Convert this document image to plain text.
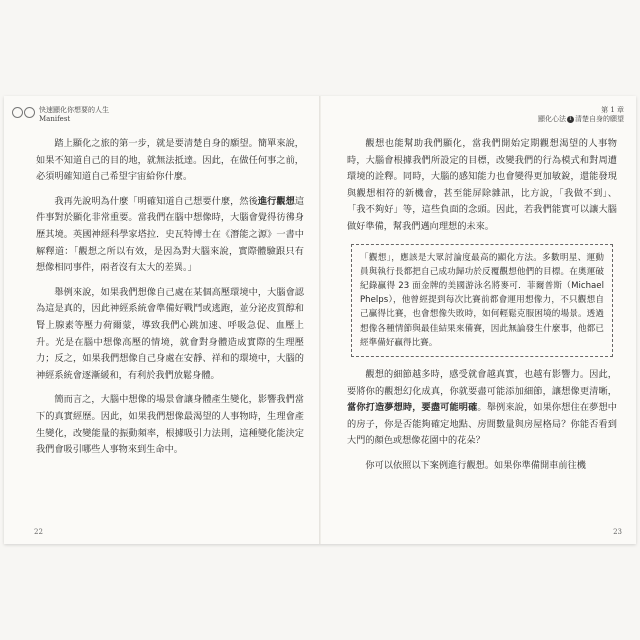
快速顯化你想要的人生
Manifest

踏上顯化之旅的第一步，就是要清楚自身的願望。簡單來說，如果不知道自己的目的地，就無法抵達。因此，在做任何事之前，必須明確知道自己希望宇宙給你什麼。

我再先說明為什麼「明確知道自己想要什麼，然後進行觀想這件事對於顯化非常重要。當我們在腦中想像時，大腦會覺得彷彿身歷其境。英國神經科學家塔拉．史瓦特博士在《潛能之源》一書中解釋道：「觀想之所以有效，是因為對大腦來說，實際體驗跟只有想像相同事件，兩者沒有太大的差異。」

舉例來說，如果我們想像自己處在某個高壓環境中，大腦會認為這是真的，因此神經系統會準備好戰鬥或逃跑，並分泌皮質醇和腎上腺素等壓力荷爾蒙，導致我們心跳加速、呼吸急促、血壓上升。光是在腦中想像高壓的情境，就會對身體造成實際的生理壓力；反之，如果我們想像自己身處在安靜、祥和的環境中，大腦的神經系統會逐漸緩和，有利於我們放鬆身體。

簡而言之，大腦中想像的場景會讓身體產生變化，影響我們當下的真實經歷。因此，如果我們想像最渴望的人事物時，生理會產生變化，改變能量的振動頻率，根據吸引力法則，這種變化能決定我們會吸引哪些人事物來到生命中。

22
第 1 章
顯化心法 1 清楚自身的願望

觀想也能幫助我們顯化，當我們開始定期觀想渴望的人事物時，大腦會根據我們所設定的目標，改變我們的行為模式和對周遭環境的詮釋。同時，大腦的感知能力也會變得更加敏銳，還能發現與觀想相符的新機會，甚至能屏除雜訊，比方說，「我做不到」、「我不夠好」等，這些負面的念頭。因此，若我們能實可以讓大腦做好準備，幫我們邁向理想的未來。

「觀想」，應該是大眾討論度最高的顯化方法。多數明星、運動員與執行長都把自己成功歸功於反覆觀想他們的目標。在奧運破紀錄贏得 23 面金牌的美國游泳名將麥可．菲爾普斯（Michael Phelps），他曾經提到每次比賽前都會運用想像力，不只觀想自己贏得比賽，也會想像失敗時，如何輕鬆克服困境的場景。透過想像各種情節與最佳結果來備賽，因此無論發生什麼事，他都已經準備好贏得比賽。

觀想的細節越多時，感受就會越真實，也越有影響力。因此，要將你的觀想幻化成真，你就要盡可能添加細節，讓想像更清晰，當你打造夢想時，要盡可能明確。舉例來說，如果你想住在夢想中的房子，你是否能夠確定地點、房間數量與房屋格局？你能否看到大門的顏色或想像花園中的花朵？

你可以依照以下案例進行觀想。如果你準備開車前往機

23
